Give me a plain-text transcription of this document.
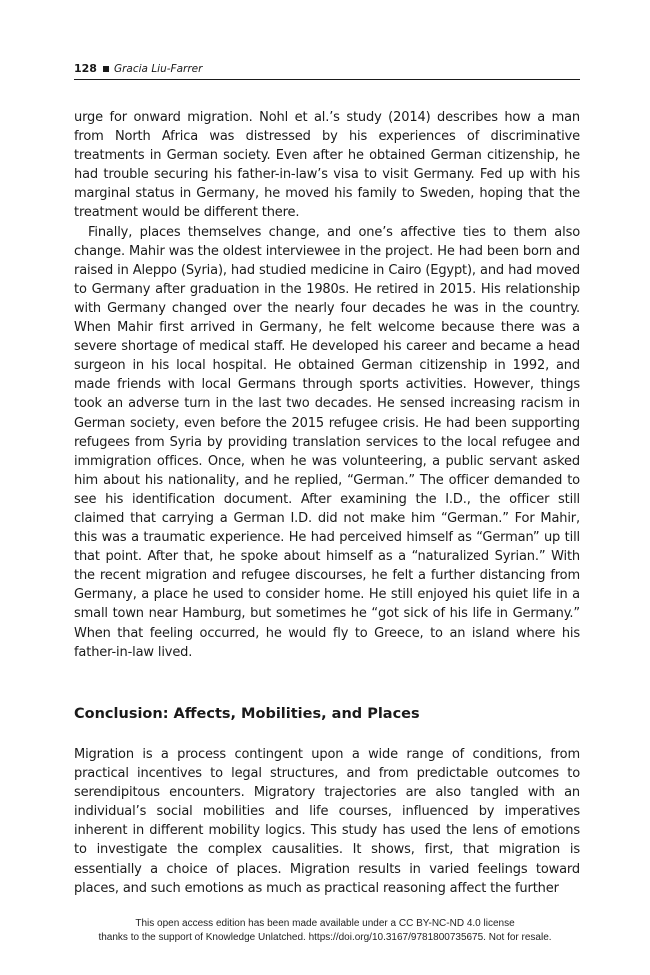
128 Gracia Liu-Farrer

urge for onward migration. Nohl et al.’s study (2014) describes how a man from North Africa was distressed by his experiences of discriminative treatments in German society. Even after he obtained German citizenship, he had trouble securing his father-in-law’s visa to visit Germany. Fed up with his marginal status in Germany, he moved his family to Sweden, hoping that the treatment would be different there.

Finally, places themselves change, and one’s affective ties to them also change. Mahir was the oldest interviewee in the project. He had been born and raised in Aleppo (Syria), had studied medicine in Cairo (Egypt), and had moved to Germany after graduation in the 1980s. He retired in 2015. His relationship with Germany changed over the nearly four decades he was in the country. When Mahir first arrived in Germany, he felt welcome because there was a severe shortage of medical staff. He developed his career and became a head surgeon in his local hospital. He obtained German citizenship in 1992, and made friends with local Germans through sports activities. However, things took an adverse turn in the last two decades. He sensed increasing racism in German society, even before the 2015 refugee crisis. He had been supporting refugees from Syria by providing translation services to the local refugee and immigration offices. Once, when he was volunteering, a public servant asked him about his nationality, and he replied, “German.” The officer demanded to see his identification document. After examining the I.D., the officer still claimed that carrying a German I.D. did not make him “German.” For Mahir, this was a traumatic experience. He had perceived himself as “German” up till that point. After that, he spoke about himself as a “naturalized Syrian.” With the recent migration and refugee discourses, he felt a further distancing from Germany, a place he used to consider home. He still enjoyed his quiet life in a small town near Hamburg, but sometimes he “got sick of his life in Germany.” When that feeling occurred, he would fly to Greece, to an island where his father-in-law lived.

Conclusion: Affects, Mobilities, and Places

Migration is a process contingent upon a wide range of conditions, from practical incentives to legal structures, and from predictable outcomes to serendipitous encounters. Migratory trajectories are also tangled with an individual’s social mobilities and life courses, influenced by imperatives inherent in different mobility logics. This study has used the lens of emotions to investigate the complex causalities. It shows, first, that migration is essentially a choice of places. Migration results in varied feelings toward places, and such emotions as much as practical reasoning affect the further

This open access edition has been made available under a CC BY-NC-ND 4.0 license
thanks to the support of Knowledge Unlatched. https://doi.org/10.3167/9781800735675. Not for resale.
